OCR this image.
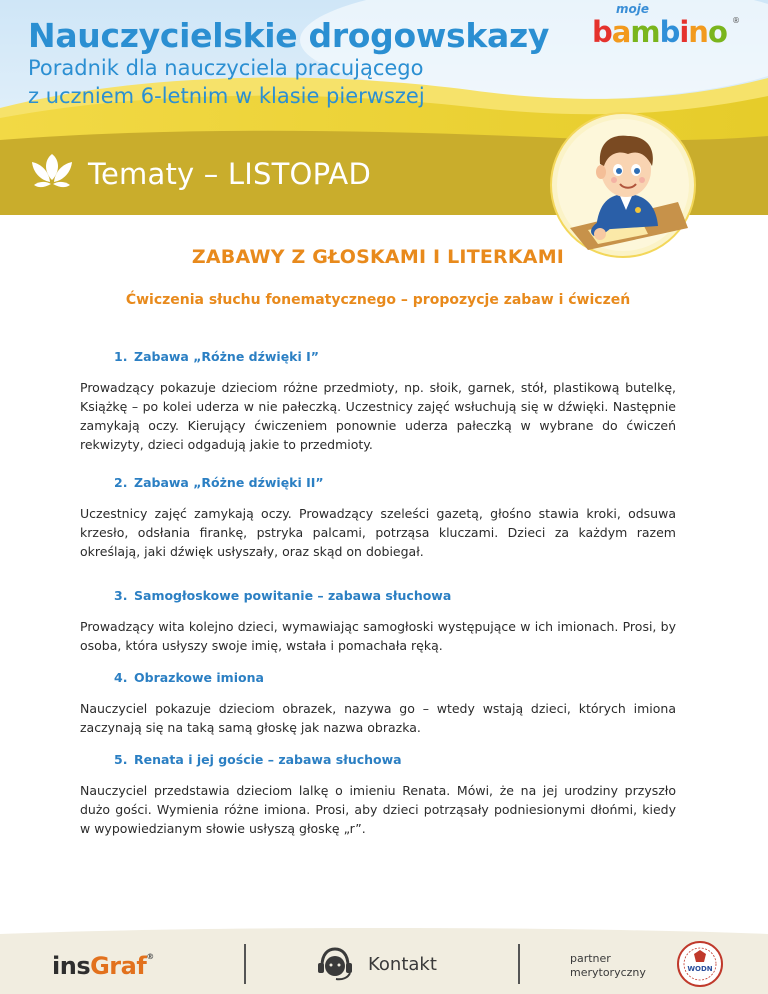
Nauczycielskie drogowskazy
Poradnik dla nauczyciela pracującego
z uczniem 6-letnim w klasie pierwszej
moje
bambino ®
Tematy – LISTOPAD
ZABAWY Z GŁOSKAMI I LITERKAMI
Ćwiczenia słuchu fonematycznego – propozycje zabaw i ćwiczeń
1. Zabawa „Różne dźwięki I”
Prowadzący pokazuje dzieciom różne przedmioty, np. słoik, garnek, stół, plastikową butelkę, Książkę – po kolei uderza w nie pałeczką. Uczestnicy zajęć wsłuchują się w dźwięki. Następnie zamykają oczy. Kierujący ćwiczeniem ponownie uderza pałeczką w wybrane do ćwiczeń rekwizyty, dzieci odgadują jakie to przedmioty.
2. Zabawa „Różne dźwięki II”
Uczestnicy zajęć zamykają oczy. Prowadzący szeleści gazetą, głośno stawia kroki, odsuwa krzesło, odsłania firankę, pstryka palcami, potrząsa kluczami. Dzieci za każdym razem określają, jaki dźwięk usłyszały, oraz skąd on dobiegał.
3. Samogłoskowe powitanie – zabawa słuchowa
Prowadzący wita kolejno dzieci, wymawiając samogłoski występujące w ich imionach. Prosi, by osoba, która usłyszy swoje imię, wstała i pomachała ręką.
4. Obrazkowe imiona
Nauczyciel pokazuje dzieciom obrazek, nazywa go – wtedy wstają dzieci, których imiona zaczynają się na taką samą głoskę jak nazwa obrazka.
5. Renata i jej goście – zabawa słuchowa
Nauczyciel przedstawia dzieciom lalkę o imieniu Renata. Mówi, że na jej urodziny przyszło dużo gości. Wymienia różne imiona. Prosi, aby dzieci potrząsały podniesionymi dłońmi, kiedy w wypowiedzianym słowie usłyszą głoskę „r”.
insGraf®	Kontakt	partner
merytoryczny	WODN
